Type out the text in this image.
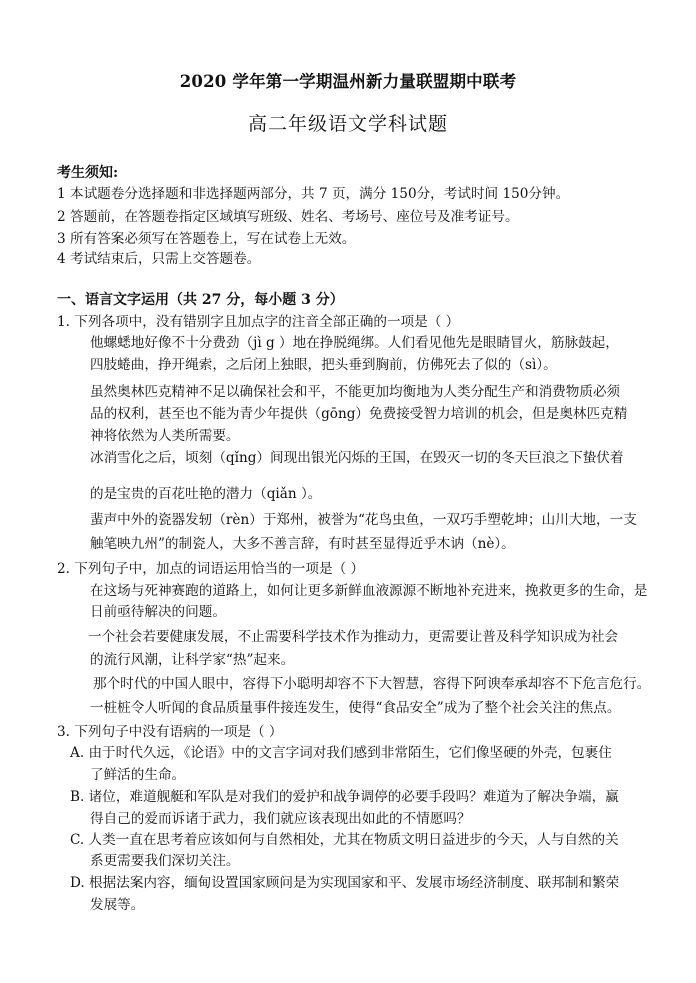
2020 学年第一学期温州新力量联盟期中联考
高二年级语文学科试题
考生须知:
1 本试题卷分选择题和非选择题两部分，共 7 页，满分 150分，考试时间 150分钟。
2 答题前，在答题卷指定区域填写班级、姓名、考场号、座位号及准考证号。
3 所有答案必须写在答题卷上，写在试卷上无效。
4 考试结束后，只需上交答题卷。
一、语言文字运用（共 27 分，每小题 3 分）
1. 下列各项中，没有错别字且加点字的注音全部正确的一项是（ ）
他螺蟋地好像不十分费劲（jì g ）地在挣脱绳绑。人们看见他先是眼睛冒火，筋脉鼓起，
四肢蜷曲，挣开绳索，之后闭上独眼，把头垂到胸前，仿佛死去了似的（sì）。
虽然奥林匹克精神不足以确保社会和平，不能更加均衡地为人类分配生产和消费物质必须
品的权利，甚至也不能为青少年提供（gōng）免费接受智力培训的机会，但是奥林匹克精
神将依然为人类所需要。
冰消雪化之后，顷刻（qǐng）间现出银光闪烁的王国，在毁灭一切的冬天巨浪之下蛰伏着
的是宝贵的百花吐艳的潜力（qiǎn ）。
蜚声中外的瓷器发轫（rèn）于郑州，被誉为“花鸟虫鱼，一双巧手塑乾坤；山川大地，一支
触笔映九州”的制瓷人，大多不善言辞，有时甚至显得近乎木讷（nè）。
2. 下列句子中，加点的词语运用恰当的一项是（ ）
在这场与死神赛跑的道路上，如何让更多新鲜血液源源不断地补充进来，挽救更多的生命，是
日前亟待解决的问题。
一个社会若要健康发展，不止需要科学技术作为推动力，更需要让普及科学知识成为社会
的流行风潮，让科学家“热”起来。
那个时代的中国人眼中，容得下小聪明却容不下大智慧，容得下阿谀奉承却容不下危言危行。
一桩桩令人听闻的食品质量事件接连发生，使得“食品安全”成为了整个社会关注的焦点。
3. 下列句子中没有语病的一项是（ ）
A. 由于时代久远，《论语》中的文言字词对我们感到非常陌生，它们像坚硬的外壳，包裹住
了鲜活的生命。
B. 诸位，难道舰艇和军队是对我们的爱护和战争调停的必要手段吗？难道为了解决争端，赢
得自己的爱而诉诸于武力，我们就应该表现出如此的不情愿吗？
C. 人类一直在思考着应该如何与自然相处，尤其在物质文明日益进步的今天，人与自然的关
系更需要我们深切关注。
D. 根据法案内容，缅甸设置国家顾问是为实现国家和平、发展市场经济制度、联邦制和繁荣
发展等。
